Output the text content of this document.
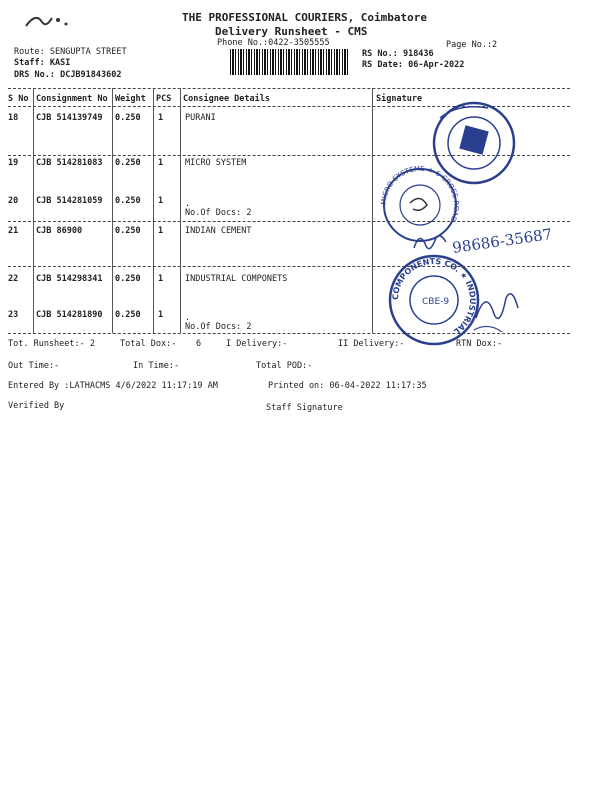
THE PROFESSIONAL COURIERS, Coimbatore
Delivery Runsheet - CMS
Phone No.:0422-3505555	Page No.:2
Route: SENGUPTA STREET
Staff: KASI
DRS No.: DCJB91843602
RS No.: 918436
RS Date: 06-Apr-2022
S No Consignment No Weight PCS Consignee Details	Signature
18 CJB 514139749 0.250 1	PURANI
19 CJB 514281083 0.250 1	MICRO SYSTEM
20 CJB 514281059 0.250 1	.
No.Of Docs: 2
21 CJB 86900	0.250 1	INDIAN CEMENT
22 CJB 514298341 0.250 1	INDUSTRIAL COMPONETS
23 CJB 514281890 0.250 1	.
No.Of Docs: 2
MICRO SYSTEMS ★ 6-CROSS ROAD
COMPONENTS CO. ★ INDUSTRIAL
CBE-9
98686-35687
Tot. Runsheet:- 2	Total Dox:- 6	I Delivery:-	II Delivery:-	RTN Dox:-
Out Time:-	In Time:-	Total POD:-
Entered By :LATHACMS 4/6/2022 11:17:19 AM	Printed on: 06-04-2022 11:17:35
Verified By	Staff Signature
